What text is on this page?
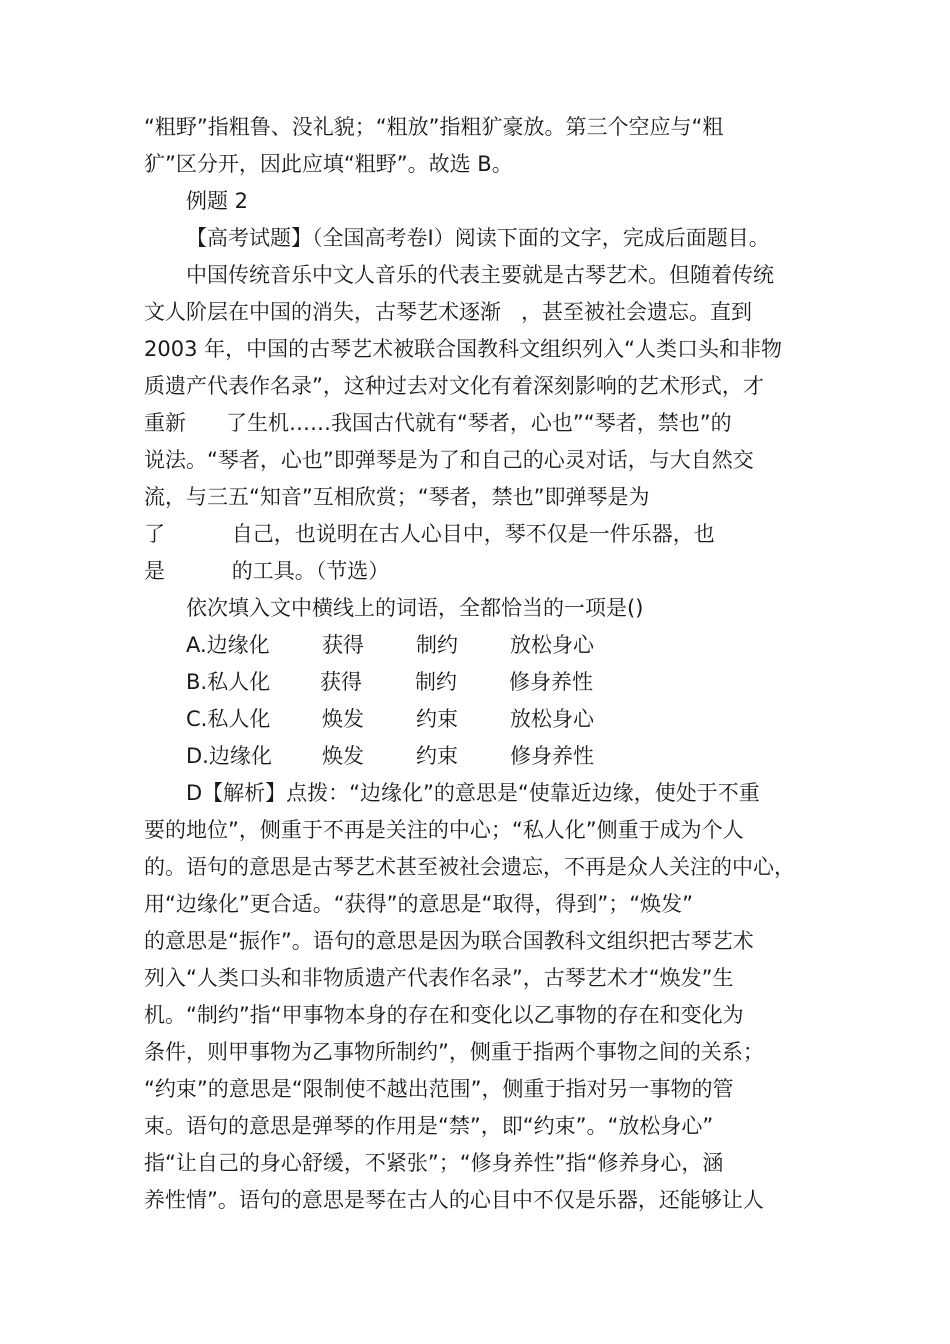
“粗野”指粗鲁、没礼貌；“粗放”指粗犷豪放。第三个空应与“粗
犷”区分开，因此应填“粗野”。故选 B。
例题 2
【高考试题】（全国高考卷Ⅰ）阅读下面的文字，完成后面题目。
中国传统音乐中文人音乐的代表主要就是古琴艺术。但随着传统
文人阶层在中国的消失，古琴艺术逐渐   ，甚至被社会遗忘。直到
2003 年，中国的古琴艺术被联合国教科文组织列入“人类口头和非物
质遗产代表作名录”，这种过去对文化有着深刻影响的艺术形式，才
重新      了生机……我国古代就有“琴者，心也”“琴者，禁也”的
说法。“琴者，心也”即弹琴是为了和自己的心灵对话，与大自然交
流，与三五“知音”互相欣赏；“琴者，禁也”即弹琴是为
了          自己，也说明在古人心目中，琴不仅是一件乐器，也
是          的工具。（节选）
依次填入文中横线上的词语，全都恰当的一项是()
A.边缘化 获得 制约 放松身心
B.私人化 获得	制约 修身养性
C.私人化 焕发 约束 放松身心
D.边缘化 焕发 约束 修身养性
D【解析】点拨：“边缘化”的意思是“使靠近边缘，使处于不重
要的地位”，侧重于不再是关注的中心；“私人化”侧重于成为个人
的。语句的意思是古琴艺术甚至被社会遗忘，不再是众人关注的中心，
用“边缘化”更合适。“获得”的意思是“取得，得到”；“焕发”
的意思是“振作”。语句的意思是因为联合国教科文组织把古琴艺术
列入“人类口头和非物质遗产代表作名录”，古琴艺术才“焕发”生
机。“制约”指“甲事物本身的存在和变化以乙事物的存在和变化为
条件，则甲事物为乙事物所制约”，侧重于指两个事物之间的关系；
“约束”的意思是“限制使不越出范围”，侧重于指对另一事物的管
束。语句的意思是弹琴的作用是“禁”，即“约束”。“放松身心”
指“让自己的身心舒缓，不紧张”；“修身养性”指“修养身心，涵
养性情”。语句的意思是琴在古人的心目中不仅是乐器，还能够让人
